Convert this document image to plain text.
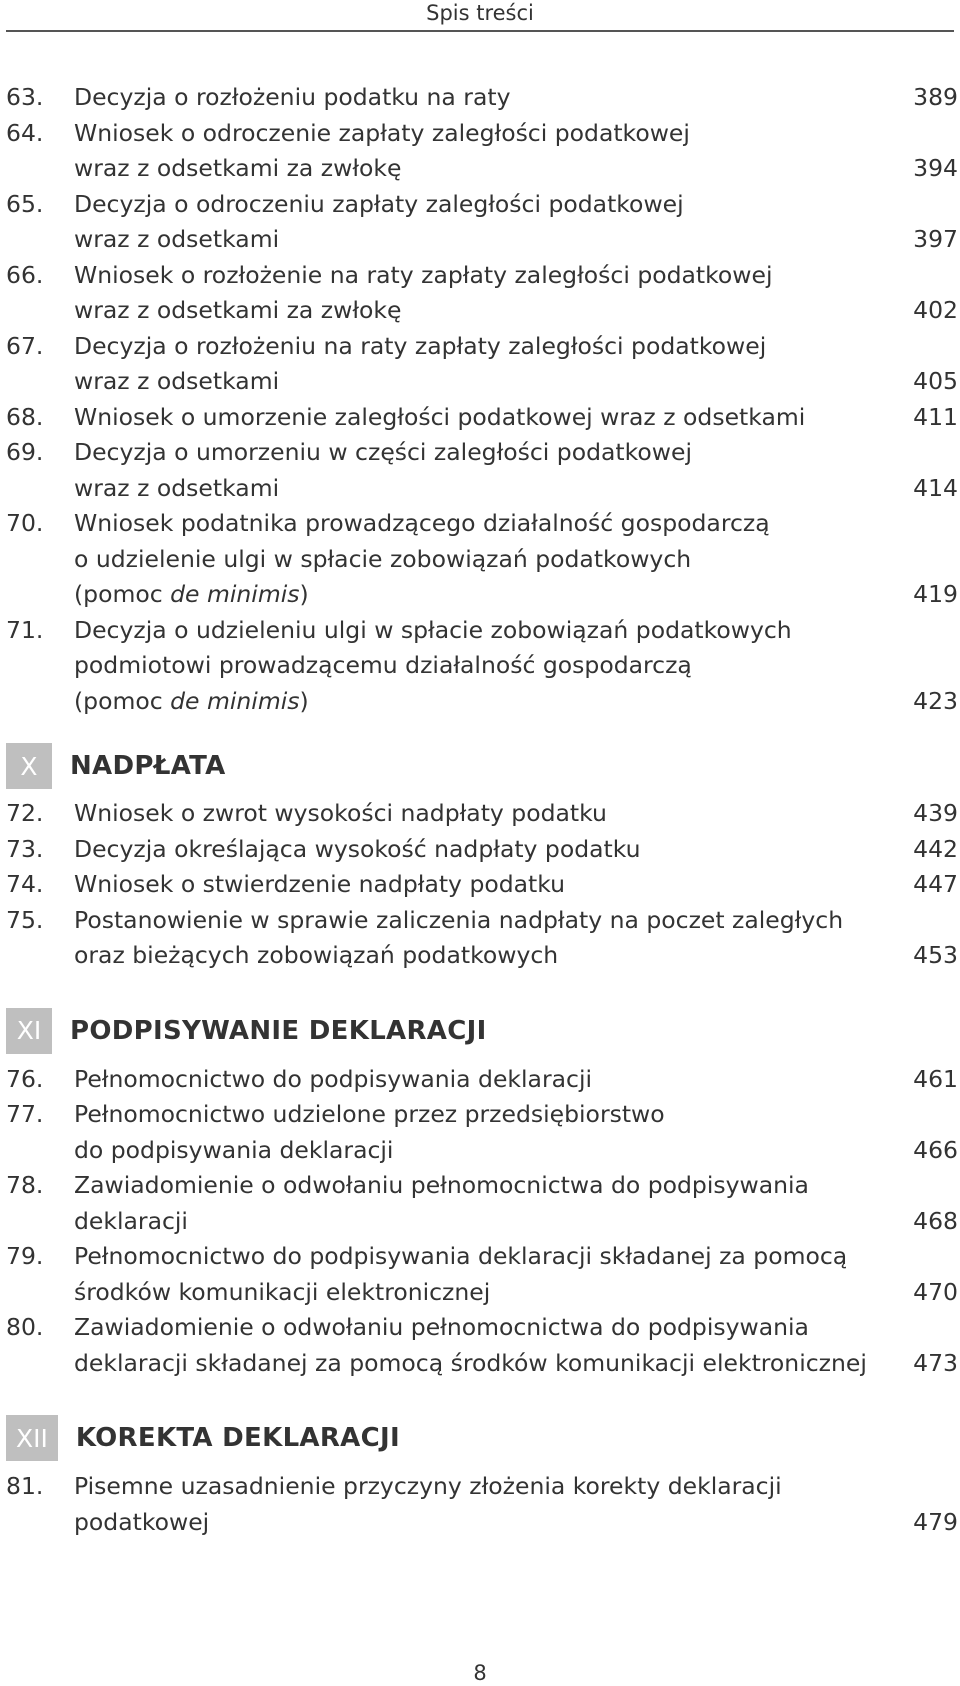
Spis treści
63. Decyzja o rozłożeniu podatku na raty	389
64. Wniosek o odroczenie zapłaty zaległości podatkowej
wraz z odsetkami za zwłokę	394
65. Decyzja o odroczeniu zapłaty zaległości podatkowej
wraz z odsetkami	397
66. Wniosek o rozłożenie na raty zapłaty zaległości podatkowej
wraz z odsetkami za zwłokę	402
67. Decyzja o rozłożeniu na raty zapłaty zaległości podatkowej
wraz z odsetkami	405
68. Wniosek o umorzenie zaległości podatkowej wraz z odsetkami	411
69. Decyzja o umorzeniu w części zaległości podatkowej
wraz z odsetkami	414
70. Wniosek podatnika prowadzącego działalność gospodarczą
o udzielenie ulgi w spłacie zobowiązań podatkowych
(pomoc de minimis)	419
71. Decyzja o udzieleniu ulgi w spłacie zobowiązań podatkowych
podmiotowi prowadzącemu działalność gospodarczą
(pomoc de minimis)	423
X	NADPŁATA
72. Wniosek o zwrot wysokości nadpłaty podatku	439
73. Decyzja określająca wysokość nadpłaty podatku	442
74. Wniosek o stwierdzenie nadpłaty podatku	447
75. Postanowienie w sprawie zaliczenia nadpłaty na poczet zaległych
oraz bieżących zobowiązań podatkowych	453
XI	PODPISYWANIE DEKLARACJI
76. Pełnomocnictwo do podpisywania deklaracji	461
77. Pełnomocnictwo udzielone przez przedsiębiorstwo
do podpisywania deklaracji	466
78. Zawiadomienie o odwołaniu pełnomocnictwa do podpisywania
deklaracji	468
79. Pełnomocnictwo do podpisywania deklaracji składanej za pomocą
środków komunikacji elektronicznej	470
80. Zawiadomienie o odwołaniu pełnomocnictwa do podpisywania
deklaracji składanej za pomocą środków komunikacji elektronicznej	473
XII	KOREKTA DEKLARACJI
81. Pisemne uzasadnienie przyczyny złożenia korekty deklaracji
podatkowej	479
8
